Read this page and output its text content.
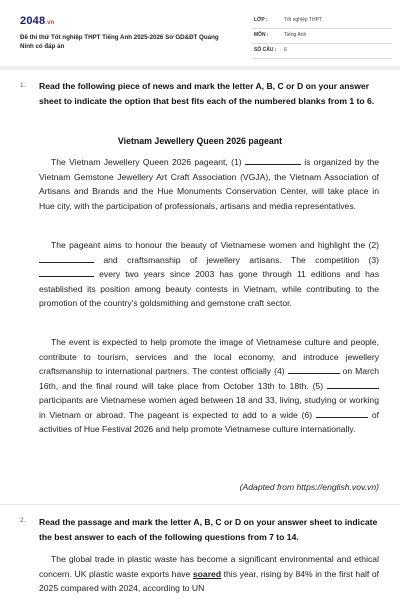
2048.vn
Đề thi thử Tốt nghiệp THPT Tiếng Anh 2025-2026 Sở GD&ĐT Quảng Ninh có đáp án
LỚP :	Tốt nghiệp THPT
MÔN :	Tiếng Anh
SỐ CÂU : 6
1. Read the following piece of news and mark the letter A, B, C or D on your answer sheet to indicate the option that best fits each of the numbered blanks from 1 to 6.
Vietnam Jewellery Queen 2026 pageant
The Vietnam Jewellery Queen 2026 pageant, (1)	is organized by the Vietnam Gemstone Jewellery Art Craft Association (VGJA), the Vietnam Association of Artisans and Brands and the Hue Monuments Conservation Center, will take place in Hue city, with the participation of professionals, artisans and media representatives.
The pageant aims to honour the beauty of Vietnamese women and highlight the (2)  and craftsmanship of jewellery artisans. The competition (3)  every two years since 2003 has gone through 11 editions and has established its position among beauty contests in Vietnam, while contributing to the promotion of the country's goldsmithing and gemstone craft sector.
The event is expected to help promote the image of Vietnamese culture and people, contribute to tourism, services and the local economy, and introduce jewellery craftsmanship to international partners. The contest officially (4)	on March 16th, and the final round will take place from October 13th to 18th. (5)  participants are Vietnamese women aged between 18 and 33, living, studying or working in Vietnam or abroad. The pageant is expected to add to a wide (6)	of activities of Hue Festival 2026 and help promote Vietnamese culture internationally.
(Adapted from https://english.vov.vn)
2. Read the passage and mark the letter A, B, C or D on your answer sheet to indicate the best answer to each of the following questions from 7 to 14.
The global trade in plastic waste has become a significant environmental and ethical concern. UK plastic waste exports have soared this year, rising by 84% in the first half of 2025 compared with 2024, according to UN
